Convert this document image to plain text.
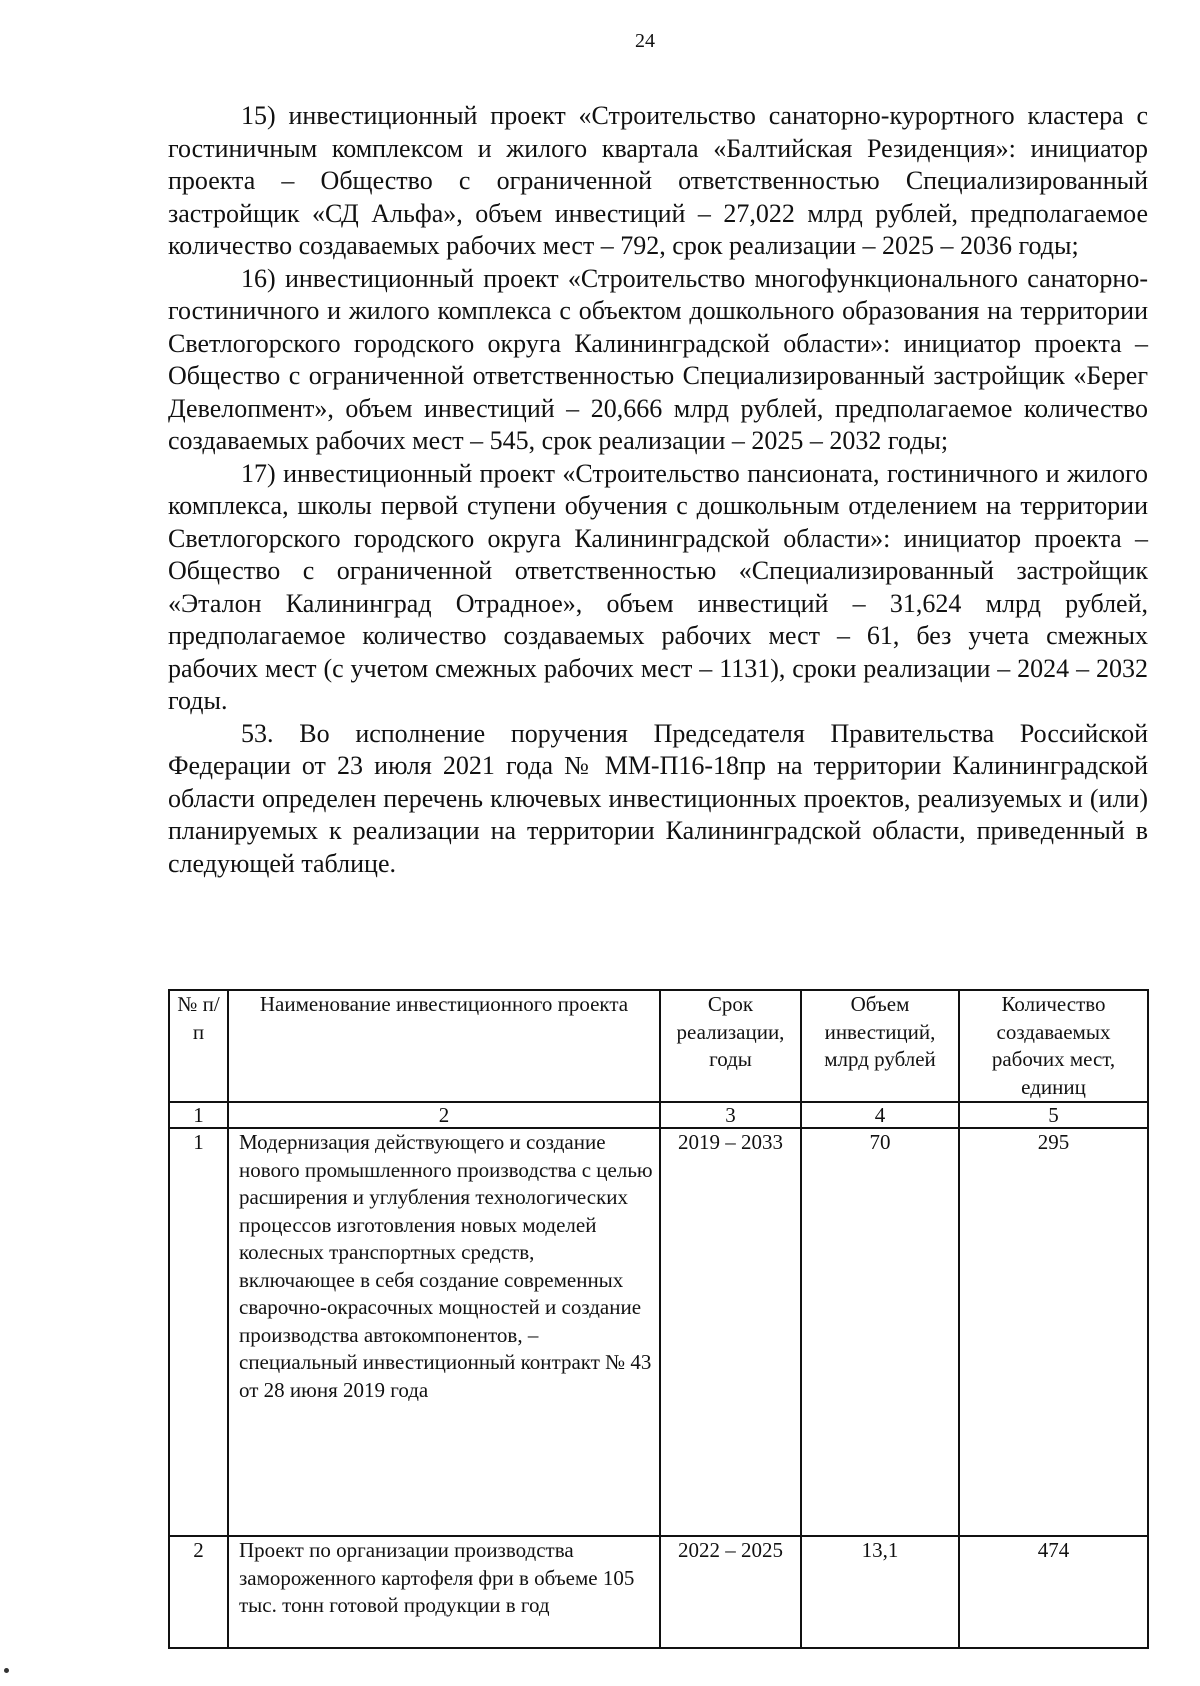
24

15) инвестиционный проект «Строительство санаторно-курортного кластера с гостиничным комплексом и жилого квартала «Балтийская Резиденция»: инициатор проекта – Общество с ограниченной ответственностью Специализированный застройщик «СД Альфа», объем инвестиций – 27,022 млрд рублей, предполагаемое количество создаваемых рабочих мест – 792, срок реализации – 2025 – 2036 годы;

16) инвестиционный проект «Строительство многофункционального санаторно-гостиничного и жилого комплекса с объектом дошкольного образования на территории Светлогорского городского округа Калининградской области»: инициатор проекта – Общество с ограниченной ответственностью Специализированный застройщик «Берег Девелопмент», объем инвестиций – 20,666 млрд рублей, предполагаемое количество создаваемых рабочих мест – 545, срок реализации – 2025 – 2032 годы;

17) инвестиционный проект «Строительство пансионата, гостиничного и жилого комплекса, школы первой ступени обучения с дошкольным отделением на территории Светлогорского городского округа Калининградской области»: инициатор проекта – Общество с ограниченной ответственностью «Специализированный застройщик «Эталон Калининград Отрадное», объем инвестиций – 31,624 млрд рублей, предполагаемое количество создаваемых рабочих мест – 61, без учета смежных рабочих мест (с учетом смежных рабочих мест – 1131), сроки реализации – 2024 – 2032 годы.

53. Во исполнение поручения Председателя Правительства Российской Федерации от 23 июля 2021 года № ММ-П16-18пр на территории Калининградской области определен перечень ключевых инвестиционных проектов, реализуемых и (или) планируемых к реализации на территории Калининградской области, приведенный в следующей таблице.

№ п/п	Наименование инвестиционного проекта	Срок реализации, годы	Объем инвестиций, млрд рублей	Количество создаваемых рабочих мест, единиц
1	2	3	4	5
1	Модернизация действующего и создание нового промышленного производства с целью расширения и углубления технологических процессов изготовления новых моделей колесных транспортных средств, включающее в себя создание современных сварочно-окрасочных мощностей и создание производства автокомпонентов, – специальный инвестиционный контракт № 43 от 28 июня 2019 года	2019 – 2033	70	295
2	Проект по организации производства замороженного картофеля фри в объеме 105 тыс. тонн готовой продукции в год	2022 – 2025	13,1	474
